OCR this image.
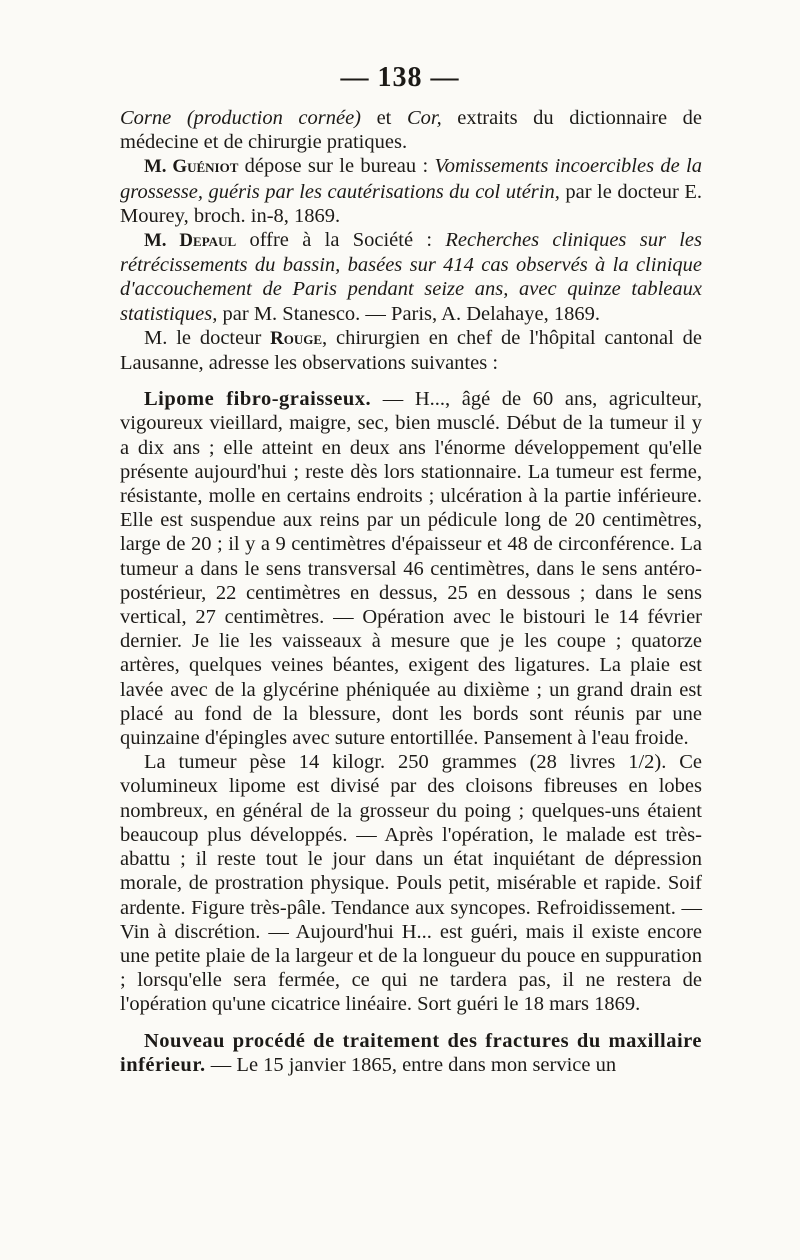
— 138 —

Corne (production cornée) et Cor, extraits du dictionnaire de médecine et de chirurgie pratiques.

M. Guéniot dépose sur le bureau : Vomissements incoercibles de la grossesse, guéris par les cautérisations du col utérin, par le docteur E. Mourey, broch. in-8, 1869.

M. Depaul offre à la Société : Recherches cliniques sur les rétrécissements du bassin, basées sur 414 cas observés à la clinique d'accouchement de Paris pendant seize ans, avec quinze tableaux statistiques, par M. Stanesco. — Paris, A. Delahaye, 1869.

M. le docteur Rouge, chirurgien en chef de l'hôpital cantonal de Lausanne, adresse les observations suivantes :

Lipome fibro-graisseux. — H..., âgé de 60 ans, agriculteur, vigoureux vieillard, maigre, sec, bien musclé. Début de la tumeur il y a dix ans ; elle atteint en deux ans l'énorme développement qu'elle présente aujourd'hui ; reste dès lors stationnaire. La tumeur est ferme, résistante, molle en certains endroits ; ulcération à la partie inférieure. Elle est suspendue aux reins par un pédicule long de 20 centimètres, large de 20 ; il y a 9 centimètres d'épaisseur et 48 de circonférence. La tumeur a dans le sens transversal 46 centimètres, dans le sens antéro-postérieur, 22 centimètres en dessus, 25 en dessous ; dans le sens vertical, 27 centimètres. — Opération avec le bistouri le 14 février dernier. Je lie les vaisseaux à mesure que je les coupe ; quatorze artères, quelques veines béantes, exigent des ligatures. La plaie est lavée avec de la glycérine phéniquée au dixième ; un grand drain est placé au fond de la blessure, dont les bords sont réunis par une quinzaine d'épingles avec suture entortillée. Pansement à l'eau froide.

La tumeur pèse 14 kilogr. 250 grammes (28 livres 1/2). Ce volumineux lipome est divisé par des cloisons fibreuses en lobes nombreux, en général de la grosseur du poing ; quelques-uns étaient beaucoup plus développés. — Après l'opération, le malade est très-abattu ; il reste tout le jour dans un état inquiétant de dépression morale, de prostration physique. Pouls petit, misérable et rapide. Soif ardente. Figure très-pâle. Tendance aux syncopes. Refroidissement. — Vin à discrétion. — Aujourd'hui H... est guéri, mais il existe encore une petite plaie de la largeur et de la longueur du pouce en suppuration ; lorsqu'elle sera fermée, ce qui ne tardera pas, il ne restera de l'opération qu'une cicatrice linéaire. Sort guéri le 18 mars 1869.

Nouveau procédé de traitement des fractures du maxillaire inférieur. — Le 15 janvier 1865, entre dans mon service un
